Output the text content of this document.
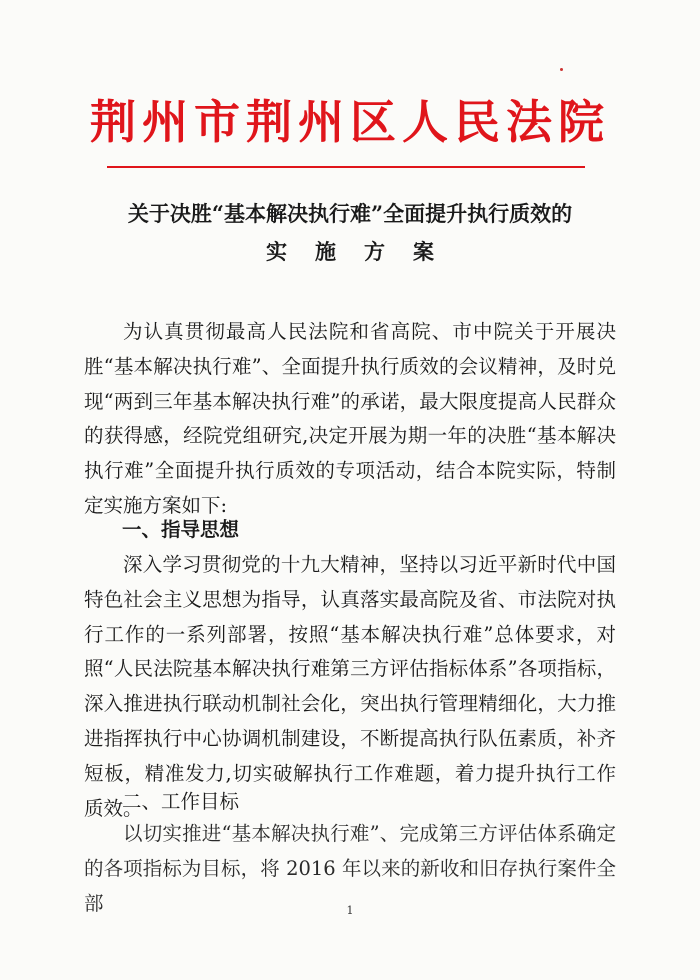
荆州市荆州区人民法院
关于决胜“基本解决执行难”全面提升执行质效的
实施方案

为认真贯彻最高人民法院和省高院、市中院关于开展决胜“基本解决执行难”、全面提升执行质效的会议精神，及时兑现“两到三年基本解决执行难”的承诺，最大限度提高人民群众的获得感，经院党组研究,决定开展为期一年的决胜“基本解决执行难”全面提升执行质效的专项活动，结合本院实际，特制定实施方案如下:

一、指导思想

深入学习贯彻党的十九大精神，坚持以习近平新时代中国特色社会主义思想为指导，认真落实最高院及省、市法院对执行工作的一系列部署，按照“基本解决执行难”总体要求，对照“人民法院基本解决执行难第三方评估指标体系”各项指标，深入推进执行联动机制社会化，突出执行管理精细化，大力推进指挥执行中心协调机制建设，不断提高执行队伍素质，补齐短板，精准发力,切实破解执行工作难题，着力提升执行工作质效。

二、工作目标

以切实推进“基本解决执行难”、完成第三方评估体系确定的各项指标为目标，将 2016 年以来的新收和旧存执行案件全部	1
